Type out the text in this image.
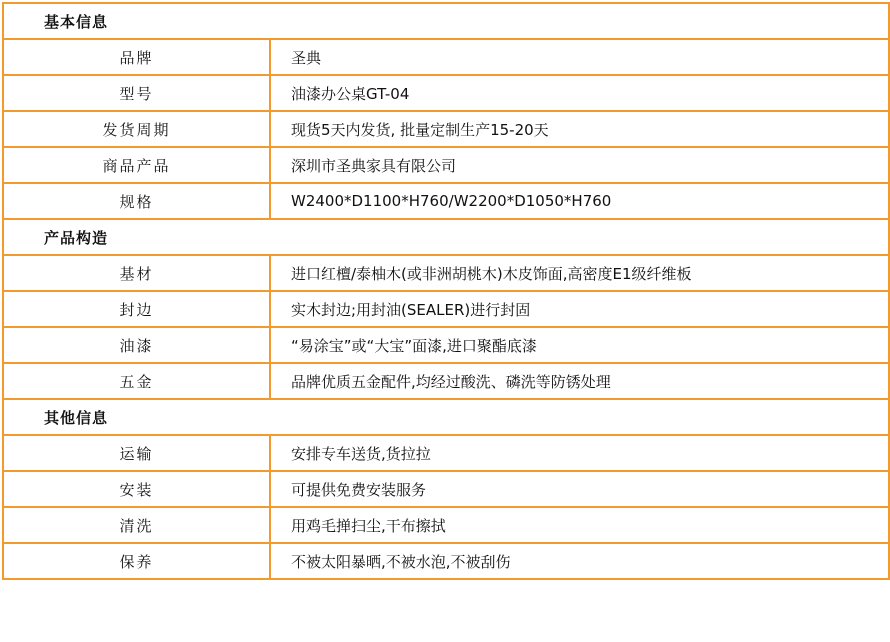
基本信息	
品牌	圣典
型号	油漆办公桌GT-04
发货周期	现货5天内发货, 批量定制生产15-20天
商品产品	深圳市圣典家具有限公司
规格	W2400*D1100*H760/W2200*D1050*H760
产品构造	
基材	进口红檀/泰柚木(或非洲胡桃木)木皮饰面,高密度E1级纤维板
封边	实木封边;用封油(SEALER)进行封固
油漆	“易涂宝”或“大宝”面漆,进口聚酯底漆
五金	品牌优质五金配件,均经过酸洗、磷洗等防锈处理
其他信息	
运输	安排专车送货,货拉拉
安装	可提供免费安装服务
清洗	用鸡毛掸扫尘,干布擦拭
保养	不被太阳暴晒,不被水泡,不被刮伤
